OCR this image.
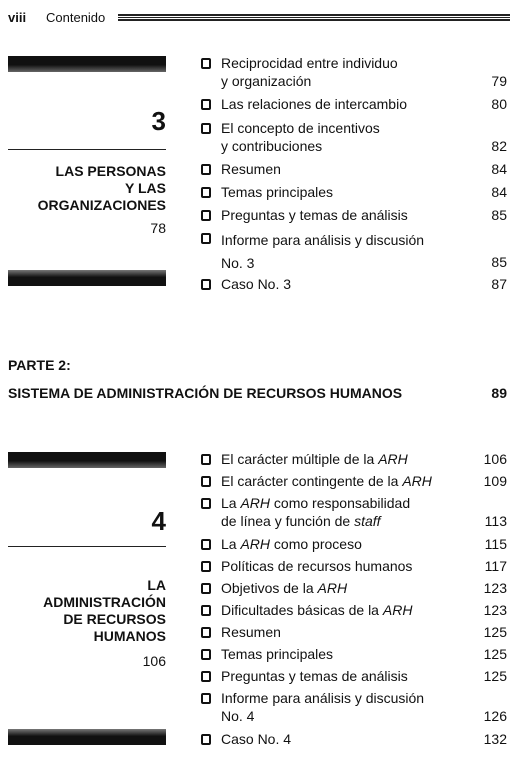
viii Contenido
3
LAS PERSONAS
Y LAS
ORGANIZACIONES
78
Reciprocidad entre individuo
y organización	79
Las relaciones de intercambio	80
El concepto de incentivos
y contribuciones	82
Resumen	84
Temas principales	84
Preguntas y temas de análisis	85
Informe para análisis y discusión
No. 3	85
Caso No. 3	87
PARTE 2:
SISTEMA DE ADMINISTRACIÓN DE RECURSOS HUMANOS	89
4
LA
ADMINISTRACIÓN
DE RECURSOS
HUMANOS
106
El carácter múltiple de la ARH	106
El carácter contingente de la ARH	109
La ARH como responsabilidad
de línea y función de staff	113
La ARH como proceso	115
Políticas de recursos humanos	117
Objetivos de la ARH	123
Dificultades básicas de la ARH	123
Resumen	125
Temas principales	125
Preguntas y temas de análisis	125
Informe para análisis y discusión
No. 4	126
Caso No. 4	132
